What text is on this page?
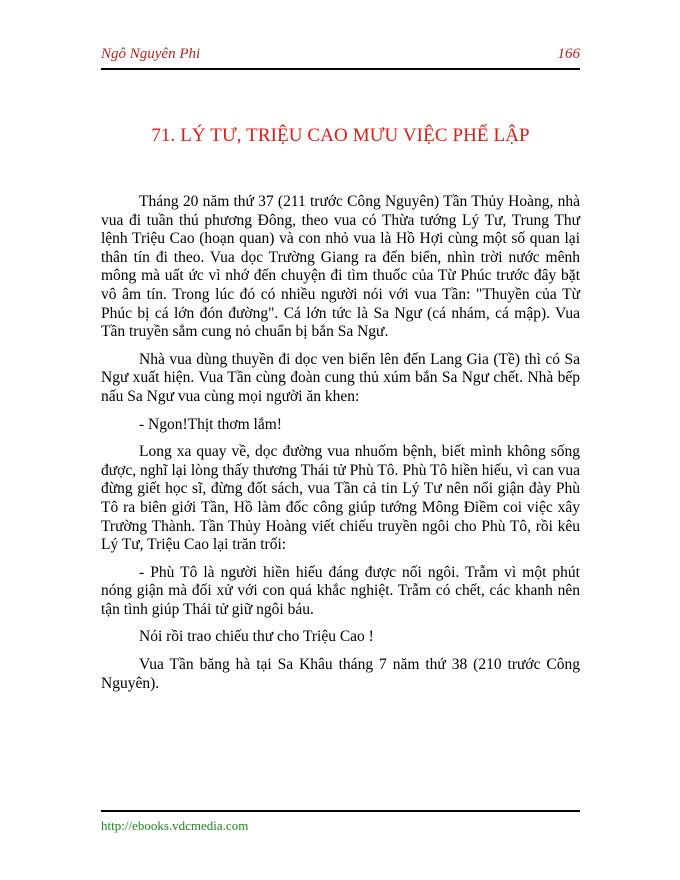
Ngô Nguyên Phi	166
71. LÝ TƯ, TRIỆU CAO MƯU VIỆC PHẾ LẬP

Tháng 20 năm thứ 37 (211 trước Công Nguyên) Tần Thủy Hoàng, nhà vua đi tuần thú phương Đông, theo vua có Thừa tướng Lý Tư, Trung Thư lệnh Triệu Cao (hoạn quan) và con nhỏ vua là Hồ Hợi cùng một số quan lại thân tín đi theo. Vua dọc Trường Giang ra đến biển, nhìn trời nước mênh mông mà uất ức vì nhớ đến chuyện đi tìm thuốc của Từ Phúc trước đây bặt vô âm tín. Trong lúc đó có nhiều người nói với vua Tần: "Thuyền của Từ Phúc bị cá lớn đón đường". Cá lớn tức là Sa Ngư (cá nhám, cá mập). Vua Tần truyền sắm cung nỏ chuẩn bị bắn Sa Ngư.

Nhà vua dùng thuyền đi dọc ven biển lên đến Lang Gia (Tề) thì có Sa Ngư xuất hiện. Vua Tần cùng đoàn cung thủ xúm bắn Sa Ngư chết. Nhà bếp nấu Sa Ngư vua cùng mọi người ăn khen:

- Ngon!Thịt thơm lắm!

Long xa quay về, dọc đường vua nhuốm bệnh, biết mình không sống được, nghĩ lại lòng thấy thương Thái tử Phù Tô. Phù Tô hiền hiếu, vì can vua đừng giết học sĩ, đừng đốt sách, vua Tần cả tin Lý Tư nên nổi giận đày Phù Tô ra biên giới Tần, Hồ làm đốc công giúp tướng Mông Điềm coi việc xây Trường Thành. Tần Thủy Hoàng viết chiếu truyền ngôi cho Phù Tô, rồi kêu Lý Tư, Triệu Cao lại trăn trối:

- Phù Tô là người hiền hiếu đáng được nối ngôi. Trẫm vì một phút nóng giận mà đối xử với con quá khắc nghiệt. Trẫm có chết, các khanh nên tận tình giúp Thái tử giữ ngôi báu.

Nói rồi trao chiếu thư cho Triệu Cao !

Vua Tần băng hà tại Sa Khâu tháng 7 năm thứ 38 (210 trước Công Nguyên).

http://ebooks.vdcmedia.com
